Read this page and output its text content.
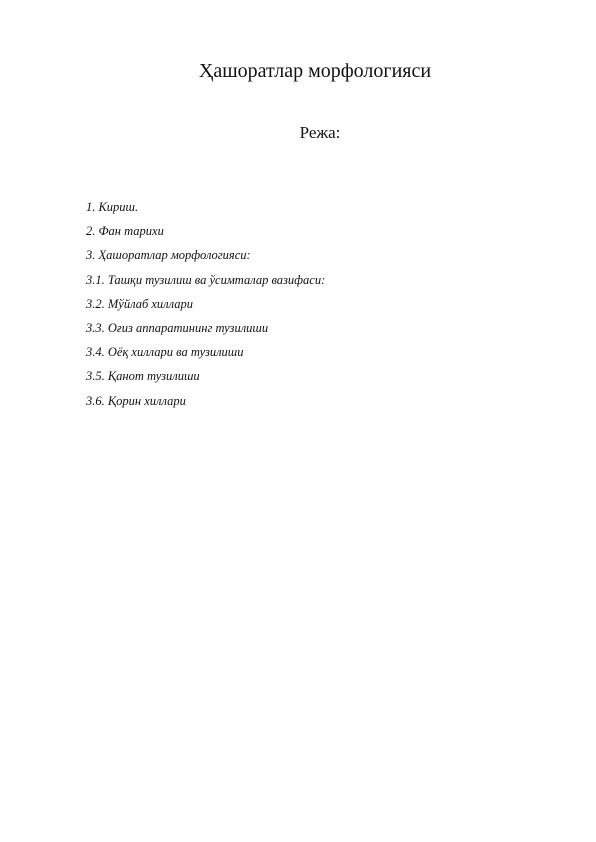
Ҳашоратлар морфологияси
Режа:
1. Кириш.
2. Фан тарихи
3. Ҳашоратлар морфологияси:
3.1. Ташқи тузилиш ва ўсимталар вазифаси:
3.2. Мўйлаб хиллари
3.3. Оғиз аппаратининг тузилиши
3.4. Оёқ хиллари ва тузилиши
3.5. Қанот тузилиши
3.6. Қорин хиллари
